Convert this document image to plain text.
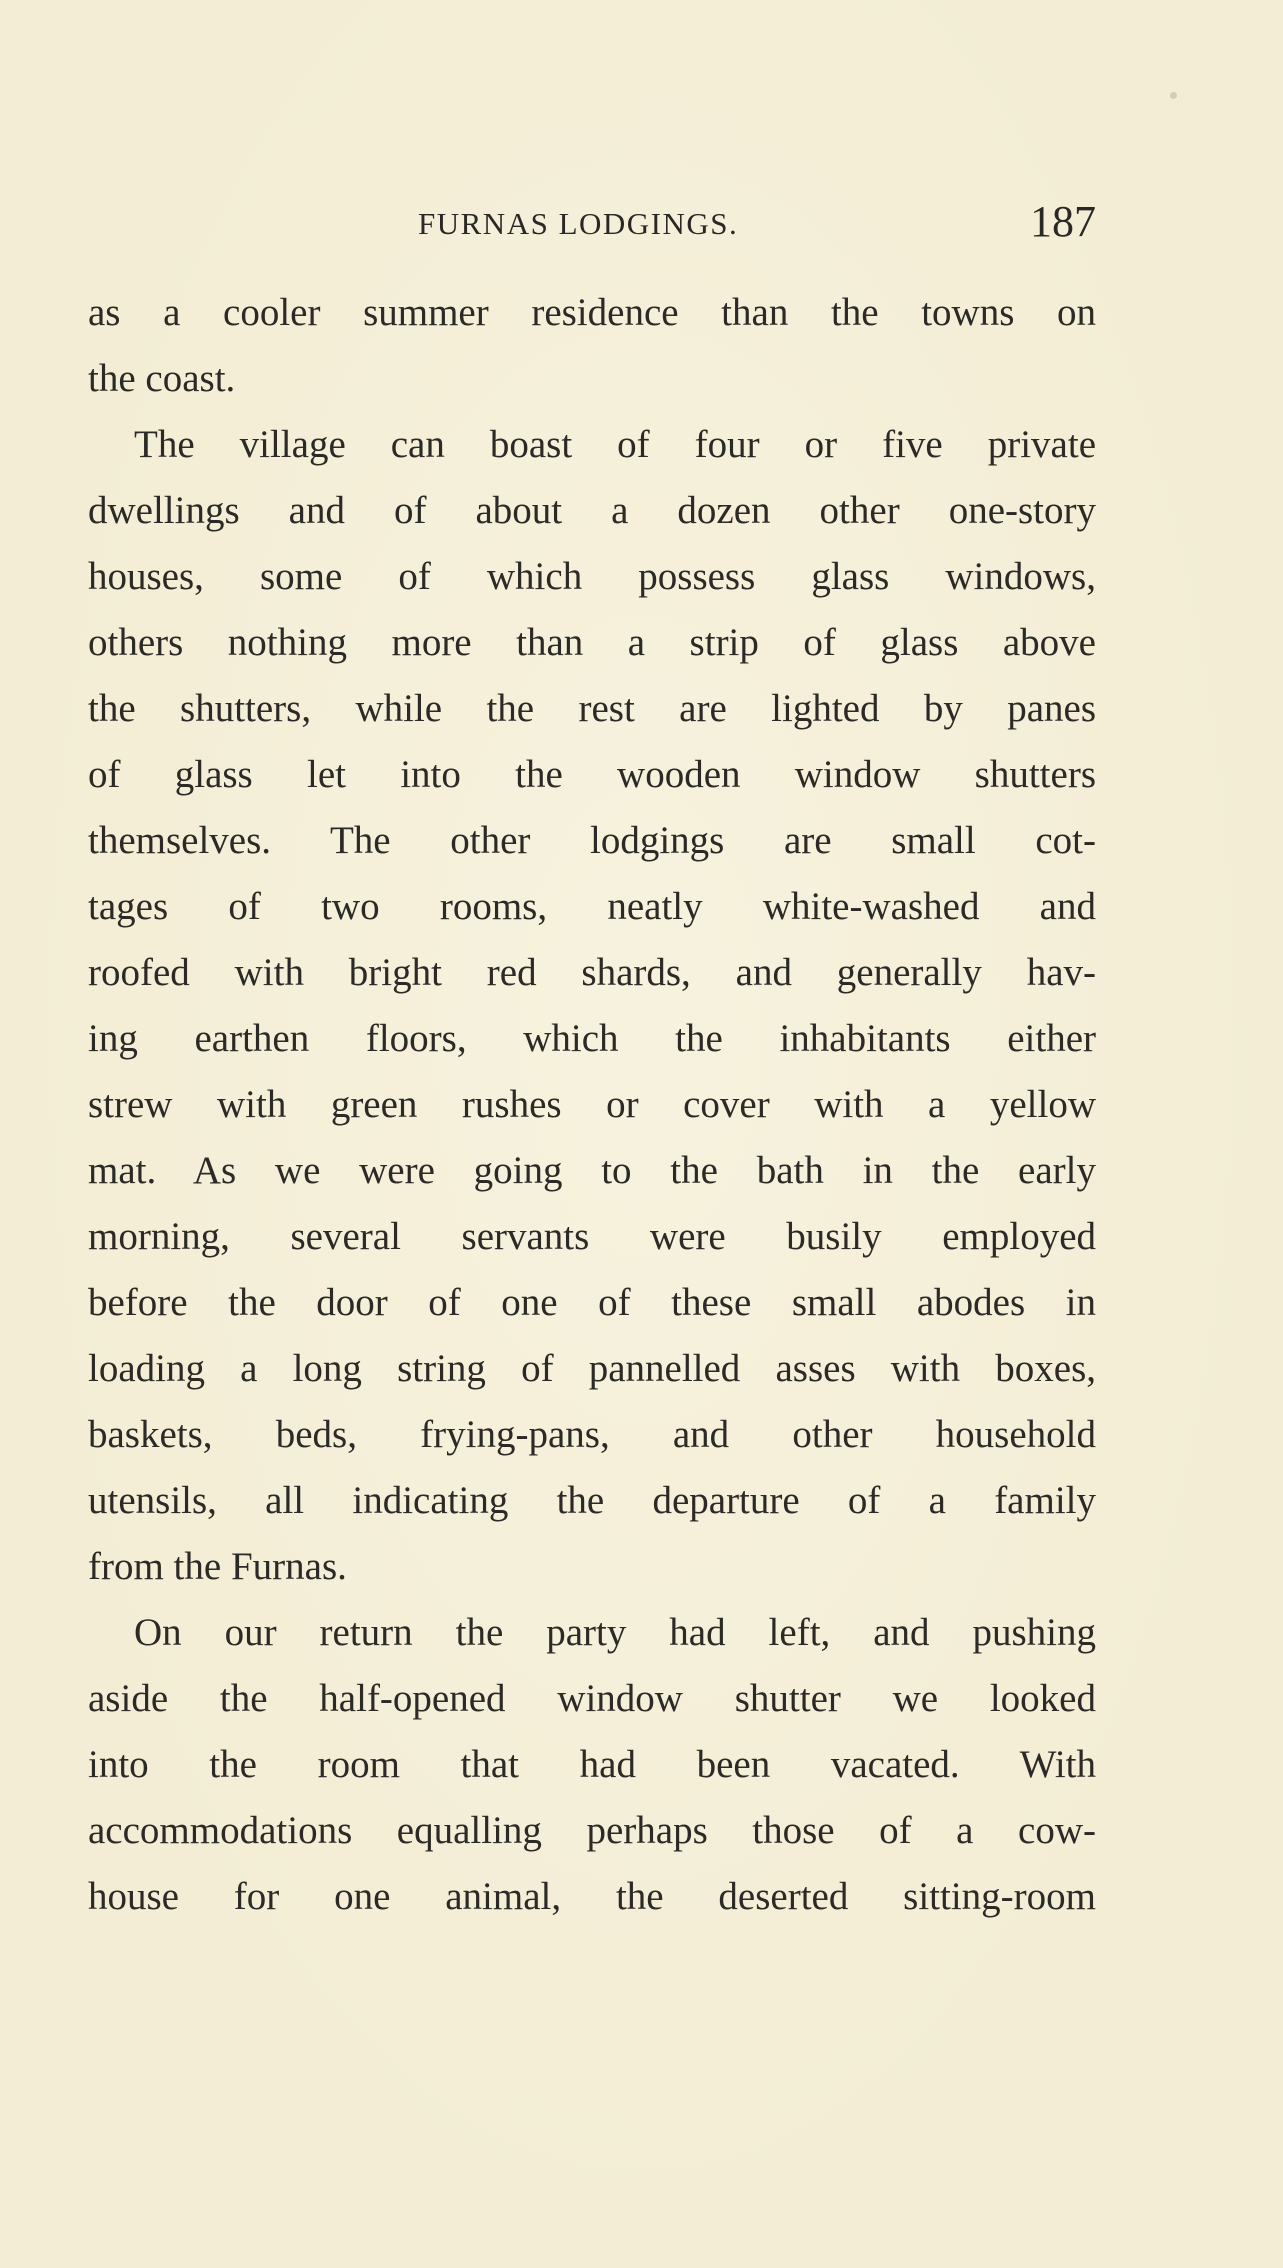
FURNAS LODGINGS.	187
as a cooler summer residence than the towns on
the coast.
The village can boast of four or five private
dwellings and of about a dozen other one-story
houses, some of which possess glass windows,
others nothing more than a strip of glass above
the shutters, while the rest are lighted by panes
of glass let into the wooden window shutters
themselves. The other lodgings are small cot-
tages of two rooms, neatly white-washed and
roofed with bright red shards, and generally hav-
ing earthen floors, which the inhabitants either
strew with green rushes or cover with a yellow
mat. As we were going to the bath in the early
morning, several servants were busily employed
before the door of one of these small abodes in
loading a long string of pannelled asses with boxes,
baskets, beds, frying-pans, and other household
utensils, all indicating the departure of a family
from the Furnas.
On our return the party had left, and pushing
aside the half-opened window shutter we looked
into the room that had been vacated. With
accommodations equalling perhaps those of a cow-
house for one animal, the deserted sitting-room
